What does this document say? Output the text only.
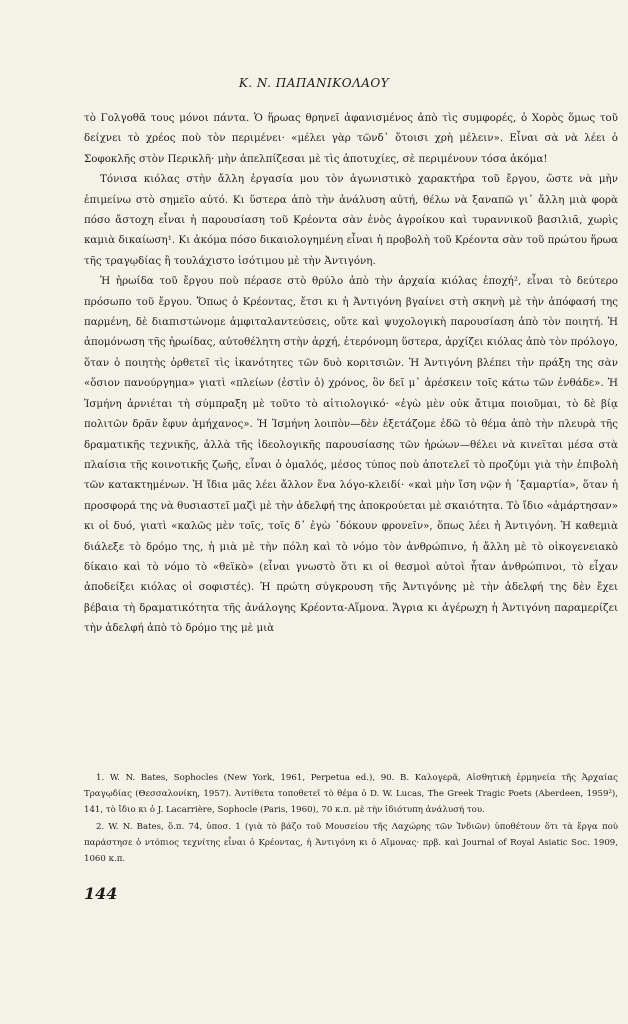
K. N. ΠΑΠΑΝΙΚΟΛΑΟΥ

τὸ Γολγοθᾶ τους μόνοι πάντα. Ὁ ἥρωας θρηνεῖ ἀφανισμένος ἀπὸ τὶς συμφορές, ὁ Χορὸς ὅμως τοῦ δείχνει τὸ χρέος ποὺ τὸν περιμένει· «μέλει γὰρ τῶνδ᾽ ὅτοισι χρὴ μέλειν». Εἶναι σὰ νὰ λέει ὁ Σοφοκλῆς στὸν Περικλῆ· μὴν ἀπελπίζεσαι μὲ τὶς ἀποτυχίες, σὲ περιμένουν τόσα ἀκόμα!

Τόνισα κιόλας στὴν ἄλλη ἐργασία μου τὸν ἀγωνιστικὸ χαρακτήρα τοῦ ἔργου, ὥστε νὰ μὴν ἐπιμείνω στὸ σημεῖο αὐτό. Κι ὕστερα ἀπὸ τὴν ἀνάλυση αὐτή, θέλω νὰ ξαναπῶ γι᾽ ἄλλη μιὰ φορὰ πόσο ἄστοχη εἶναι ἡ παρουσίαση τοῦ Κρέοντα σὰν ἑνὸς ἀγροίκου καὶ τυραννικοῦ βασιλιᾶ, χωρὶς καμιὰ δικαίωση¹. Κι ἀκόμα πόσο δικαιολογημένη εἶναι ἡ προβολὴ τοῦ Κρέοντα σὰν τοῦ πρώτου ἥρωα τῆς τραγῳδίας ἢ τουλάχιστο ἰσότιμου μὲ τὴν Ἀντιγόνη.

Ἡ ἡρωίδα τοῦ ἔργου ποὺ πέρασε στὸ θρύλο ἀπὸ τὴν ἀρχαία κιόλας ἐποχή², εἶναι τὸ δεύτερο πρόσωπο τοῦ ἔργου. Ὅπως ὁ Κρέοντας, ἔτσι κι ἡ Ἀντιγόνη βγαίνει στὴ σκηνὴ μὲ τὴν ἀπόφασή της παρμένη, δὲ διαπιστώνομε ἀμφιταλαντεύσεις, οὔτε καὶ ψυχολογικὴ παρουσίαση ἀπὸ τὸν ποιητή. Ἡ ἀπομόνωση τῆς ἡρωίδας, αὐτοθέλητη στὴν ἀρχή, ἑτερόνομη ὕστερα, ἀρχίζει κιόλας ἀπὸ τὸν πρόλογο, ὅταν ὁ ποιητὴς ὁρθετεῖ τὶς ἱκανότητες τῶν δυὸ κοριτσιῶν. Ἡ Ἀντιγόνη βλέπει τὴν πράξη της σὰν «ὅσιον πανούργημα» γιατὶ «πλείων (ἐστὶν ὁ) χρόνος, ὃν δεῖ μ᾽ ἀρέσκειν τοῖς κάτω τῶν ἐνθάδε». Ἡ Ἰσμήνη ἀρνιέται τὴ σύμπραξη μὲ τοῦτο τὸ αἰτιολογικό· «ἐγὼ μὲν οὐκ ἄτιμα ποιοῦμαι, τὸ δὲ βίᾳ πολιτῶν δρᾶν ἔφυν ἀμήχανος». Ἡ Ἰσμήνη λοιπὸν—δὲν ἐξετάζομε ἐδῶ τὸ θέμα ἀπὸ τὴν πλευρὰ τῆς δραματικῆς τεχνικῆς, ἀλλὰ τῆς ἰδεολογικῆς παρουσίασης τῶν ἡρώων—θέλει νὰ κινεῖται μέσα στὰ πλαίσια τῆς κοινοτικῆς ζωῆς, εἶναι ὁ ὁμαλός, μέσος τύπος ποὺ ἀποτελεῖ τὸ προζύμι γιὰ τὴν ἐπιβολὴ τῶν κατακτημένων. Ἡ ἴδια μᾶς λέει ἄλλον ἕνα λόγο-κλειδί· «καὶ μὴν ἴση νῷν ἡ ᾽ξαμαρτία», ὅταν ἡ προσφορά της νὰ θυσιαστεῖ μαζὶ μὲ τὴν ἀδελφή της ἀποκρούεται μὲ σκαιότητα. Τὸ ἴδιο «ἁμάρτησαν» κι οἱ δυό, γιατὶ «καλῶς μὲν τοῖς, τοῖς δ᾽ ἐγὼ ᾽δόκουν φρονεῖν», ὅπως λέει ἡ Ἀντιγόνη. Ἡ καθεμιὰ διάλεξε τὸ δρόμο της, ἡ μιὰ μὲ τὴν πόλη καὶ τὸ νόμο τὸν ἀνθρώπινο, ἡ ἄλλη μὲ τὸ οἰκογενειακὸ δίκαιο καὶ τὸ νόμο τὸ «θεϊκὸ» (εἶναι γνωστὸ ὅτι κι οἱ θεσμοὶ αὐτοὶ ἦταν ἀνθρώπινοι, τὸ εἶχαν ἀποδείξει κιόλας οἱ σοφιστές). Ἡ πρώτη σύγκρουση τῆς Ἀντιγόνης μὲ τὴν ἀδελφή της δὲν ἔχει βέβαια τὴ δραματικότητα τῆς ἀνάλογης Κρέοντα-Αἵμονα. Ἄγρια κι ἀγέρωχη ἡ Ἀντιγόνη παραμερίζει τὴν ἀδελφή ἀπὸ τὸ δρόμο της μὲ μιὰ

1. W. N. Bates, Sophocles (New York, 1961, Perpetua ed.), 90. B. Καλογερᾶ, Αἰσθητικὴ ἑρμηνεία τῆς Ἀρχαίας Τραγῳδίας (Θεσσαλονίκη, 1957). Ἀντίθετα τοποθετεῖ τὸ θέμα ὁ D. W. Lucas, The Greek Tragic Poets (Aberdeen, 1959²), 141, τὸ ἴδιο κι ὁ J. Lacarrière, Sophocle (Paris, 1960), 70 κ.π. μὲ τὴν ἰδιότυπη ἀνάλυσή του.

2. W. N. Bates, ὅ.π. 74, ὑποσ. 1 (γιὰ τὸ βάζο τοῦ Μουσείου τῆς Λαχώρης τῶν Ἰνδιῶν) ὑποθέτουν ὅτι τὰ ἔργα ποὺ παράστησε ὁ ντόπιος τεχνίτης εἶναι ὁ Κρέοντας, ἡ Ἀντιγόνη κι ὁ Αἵμονας· πρβ. καὶ Journal of Royal Asiatic Soc. 1909, 1060 κ.π.

144
